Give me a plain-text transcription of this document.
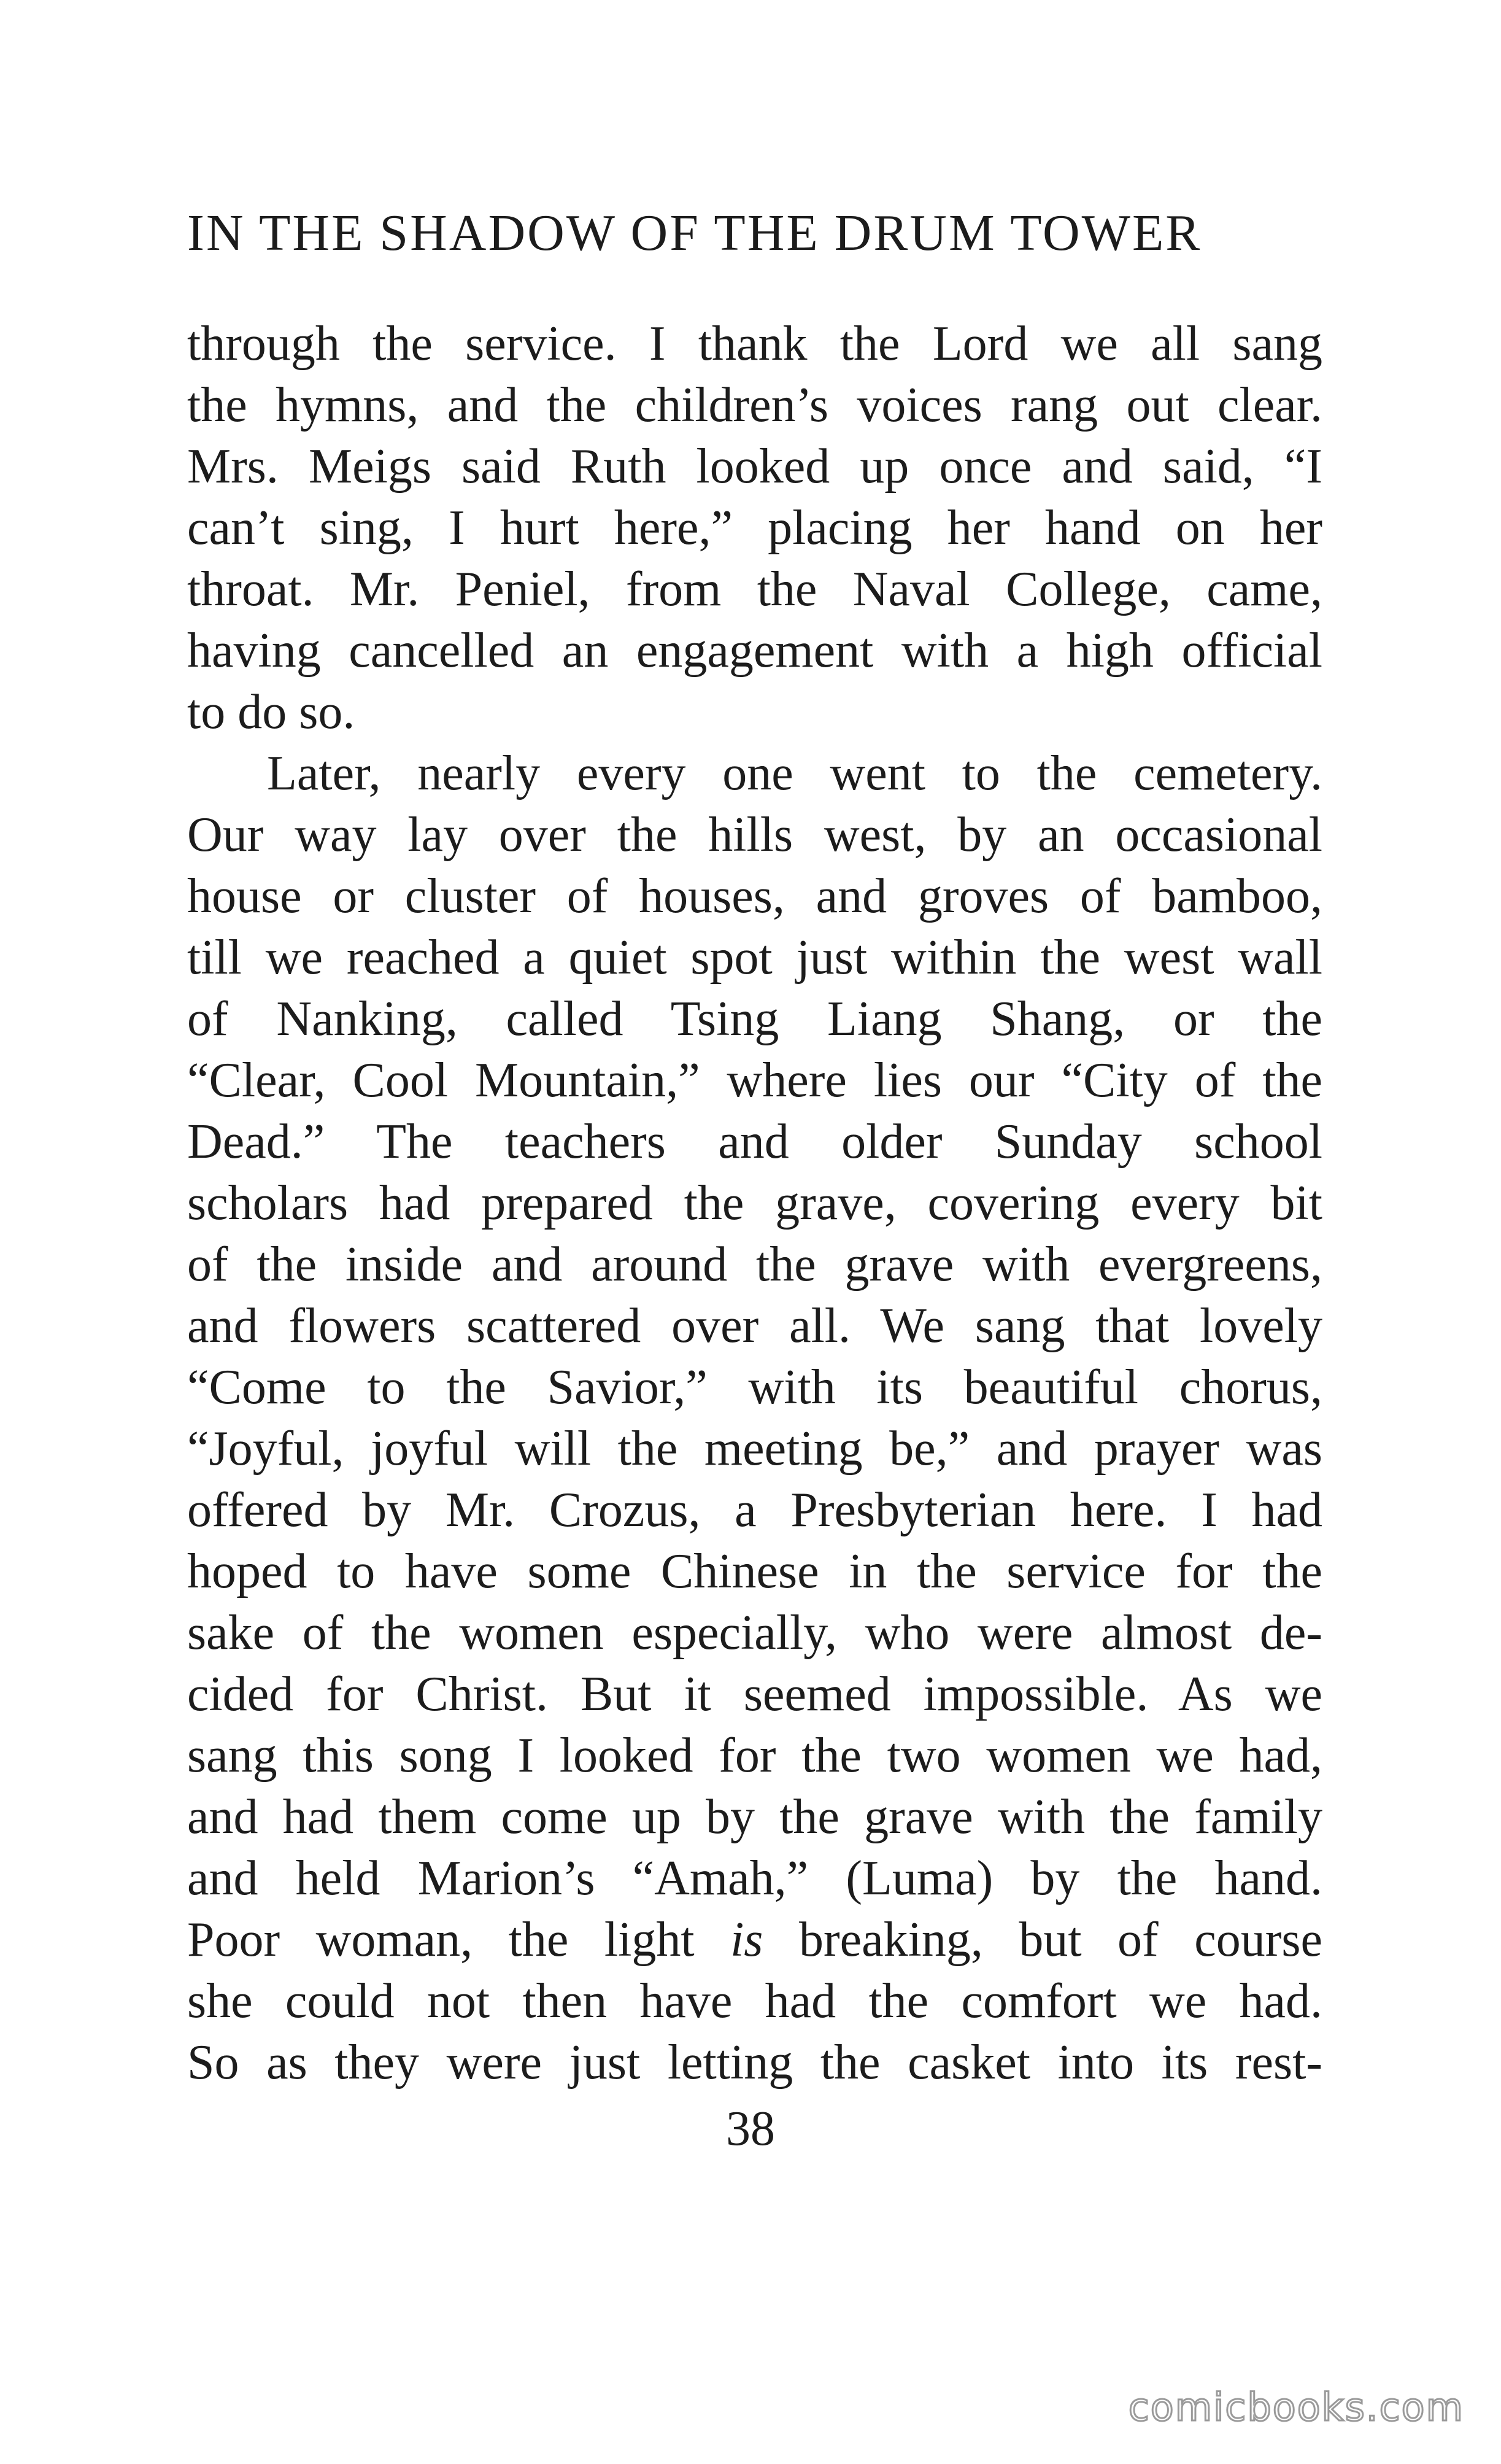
IN THE SHADOW OF THE DRUM TOWER
through the service. I thank the Lord we all sang
the hymns, and the children’s voices rang out clear.
Mrs. Meigs said Ruth looked up once and said, “I
can’t sing, I hurt here,” placing her hand on her
throat. Mr. Peniel, from the Naval College, came,
having cancelled an engagement with a high official
to do so.
Later, nearly every one went to the cemetery.
Our way lay over the hills west, by an occasional
house or cluster of houses, and groves of bamboo,
till we reached a quiet spot just within the west wall
of Nanking, called Tsing Liang Shang, or the
“Clear, Cool Mountain,” where lies our “City of the
Dead.” The teachers and older Sunday school
scholars had prepared the grave, covering every bit
of the inside and around the grave with evergreens,
and flowers scattered over all. We sang that lovely
“Come to the Savior,” with its beautiful chorus,
“Joyful, joyful will the meeting be,” and prayer was
offered by Mr. Crozus, a Presbyterian here. I had
hoped to have some Chinese in the service for the
sake of the women especially, who were almost de-
cided for Christ. But it seemed impossible. As we
sang this song I looked for the two women we had,
and had them come up by the grave with the family
and held Marion’s “Amah,” (Luma) by the hand.
Poor woman, the light is breaking, but of course
she could not then have had the comfort we had.
So as they were just letting the casket into its rest-
38
comicbooks.com
